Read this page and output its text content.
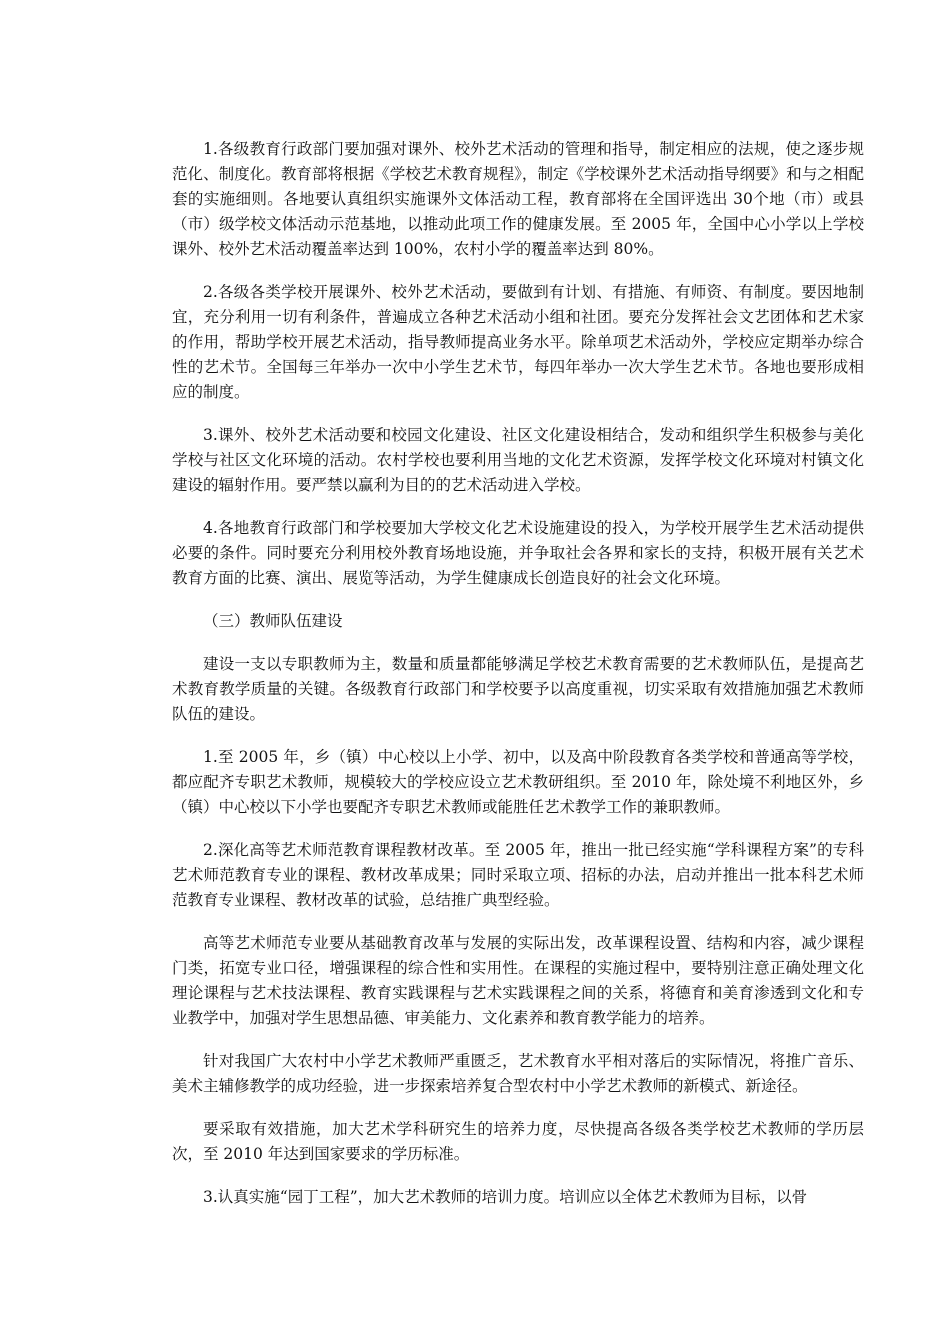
1.各级教育行政部门要加强对课外、校外艺术活动的管理和指导，制定相应的法规，使之逐步规范化、制度化。教育部将根据《学校艺术教育规程》，制定《学校课外艺术活动指导纲要》和与之相配套的实施细则。各地要认真组织实施课外文体活动工程，教育部将在全国评选出 30个地（市）或县（市）级学校文体活动示范基地，以推动此项工作的健康发展。至 2005 年，全国中心小学以上学校课外、校外艺术活动覆盖率达到 100%，农村小学的覆盖率达到 80%。

2.各级各类学校开展课外、校外艺术活动，要做到有计划、有措施、有师资、有制度。要因地制宜，充分利用一切有利条件，普遍成立各种艺术活动小组和社团。要充分发挥社会文艺团体和艺术家的作用，帮助学校开展艺术活动，指导教师提高业务水平。除单项艺术活动外，学校应定期举办综合性的艺术节。全国每三年举办一次中小学生艺术节，每四年举办一次大学生艺术节。各地也要形成相应的制度。

3.课外、校外艺术活动要和校园文化建设、社区文化建设相结合，发动和组织学生积极参与美化学校与社区文化环境的活动。农村学校也要利用当地的文化艺术资源，发挥学校文化环境对村镇文化建设的辐射作用。要严禁以赢利为目的的艺术活动进入学校。

4.各地教育行政部门和学校要加大学校文化艺术设施建设的投入，为学校开展学生艺术活动提供必要的条件。同时要充分利用校外教育场地设施，并争取社会各界和家长的支持，积极开展有关艺术教育方面的比赛、演出、展览等活动，为学生健康成长创造良好的社会文化环境。

（三）教师队伍建设

建设一支以专职教师为主，数量和质量都能够满足学校艺术教育需要的艺术教师队伍，是提高艺术教育教学质量的关键。各级教育行政部门和学校要予以高度重视，切实采取有效措施加强艺术教师队伍的建设。

1.至 2005 年，乡（镇）中心校以上小学、初中，以及高中阶段教育各类学校和普通高等学校，都应配齐专职艺术教师，规模较大的学校应设立艺术教研组织。至 2010 年，除处境不利地区外，乡（镇）中心校以下小学也要配齐专职艺术教师或能胜任艺术教学工作的兼职教师。

2.深化高等艺术师范教育课程教材改革。至 2005 年，推出一批已经实施“学科课程方案”的专科艺术师范教育专业的课程、教材改革成果；同时采取立项、招标的办法，启动并推出一批本科艺术师范教育专业课程、教材改革的试验，总结推广典型经验。

高等艺术师范专业要从基础教育改革与发展的实际出发，改革课程设置、结构和内容，减少课程门类，拓宽专业口径，增强课程的综合性和实用性。在课程的实施过程中，要特别注意正确处理文化理论课程与艺术技法课程、教育实践课程与艺术实践课程之间的关系，将德育和美育渗透到文化和专业教学中，加强对学生思想品德、审美能力、文化素养和教育教学能力的培养。

针对我国广大农村中小学艺术教师严重匮乏，艺术教育水平相对落后的实际情况，将推广音乐、美术主辅修教学的成功经验，进一步探索培养复合型农村中小学艺术教师的新模式、新途径。

要采取有效措施，加大艺术学科研究生的培养力度，尽快提高各级各类学校艺术教师的学历层次，至 2010 年达到国家要求的学历标准。

3.认真实施“园丁工程”，加大艺术教师的培训力度。培训应以全体艺术教师为目标，以骨
